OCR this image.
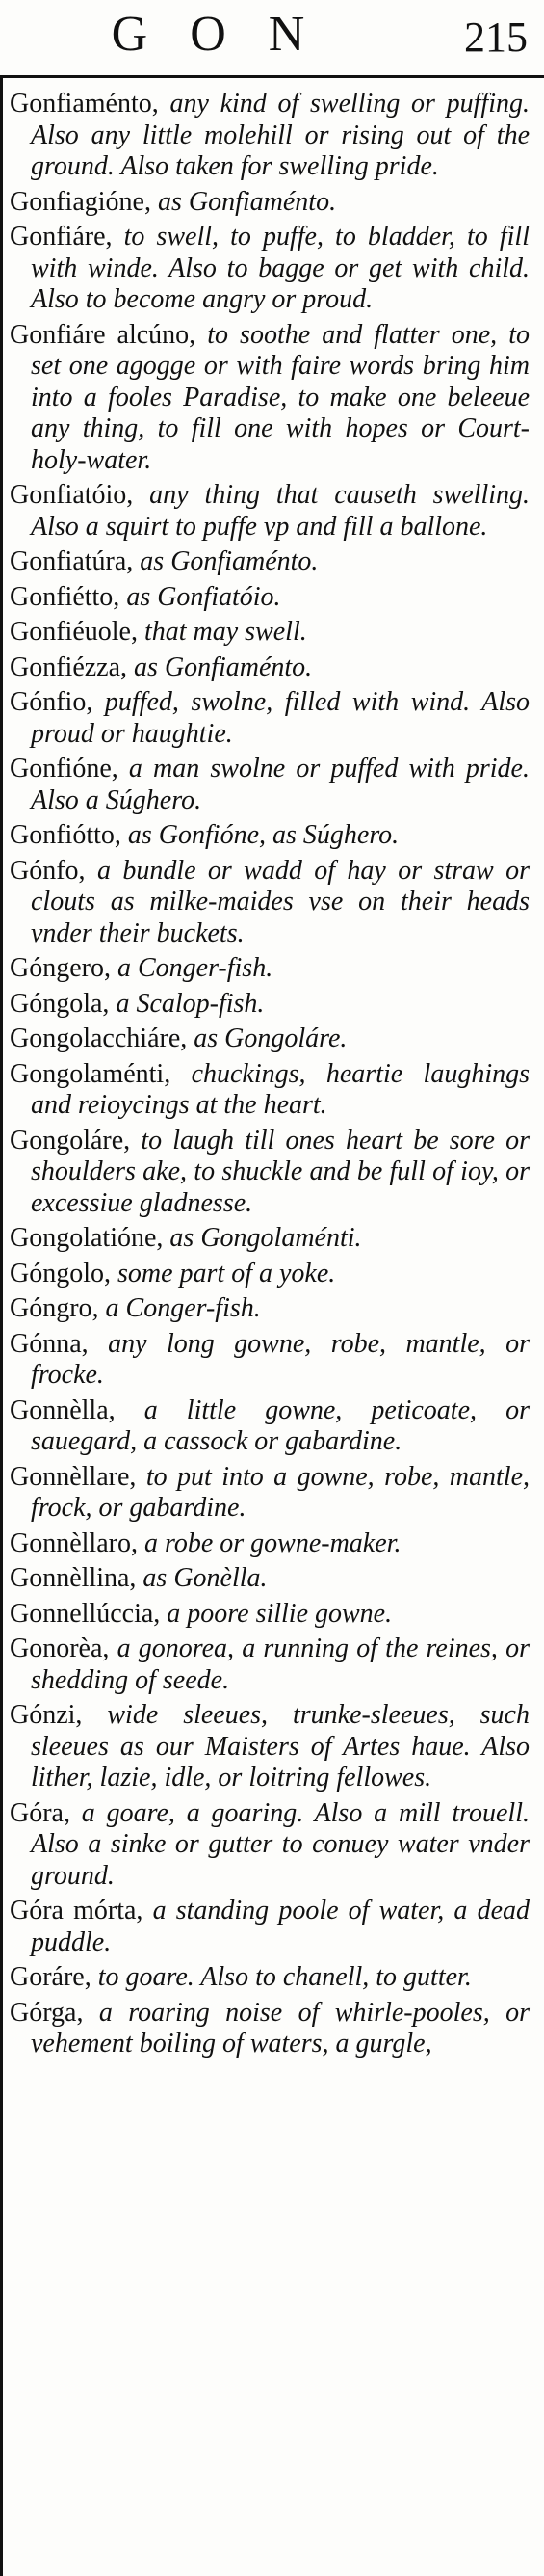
GON	215
Gonfiaménto, any kind of swelling or puffing. Also any little molehill or rising out of the ground. Also taken for swelling pride.
Gonfiagióne, as Gonfiaménto.
Gonfiáre, to swell, to puffe, to bladder, to fill with winde. Also to bagge or get with child. Also to become angry or proud.
Gonfiáre alcúno, to soothe and flatter one, to set one agogge or with faire words bring him into a fooles Paradise, to make one beleeue any thing, to fill one with hopes or Court-holy-water.
Gonfiatóio, any thing that causeth swelling. Also a squirt to puffe vp and fill a ballone.
Gonfiatúra, as Gonfiaménto.
Gonfiétto, as Gonfiatóio.
Gonfiéuole, that may swell.
Gonfiézza, as Gonfiaménto.
Gónfio, puffed, swolne, filled with wind. Also proud or haughtie.
Gonfióne, a man swolne or puffed with pride. Also a Súghero.
Gonfiótto, as Gonfióne, as Súghero.
Gónfo, a bundle or wadd of hay or straw or clouts as milke-maides vse on their heads vnder their buckets.
Góngero, a Conger-fish.
Góngola, a Scalop-fish.
Gongolacchiáre, as Gongoláre.
Gongolaménti, chuckings, heartie laughings and reioycings at the heart.
Gongoláre, to laugh till ones heart be sore or shoulders ake, to shuckle and be full of ioy, or excessiue gladnesse.
Gongolatióne, as Gongolaménti.
Góngolo, some part of a yoke.
Góngro, a Conger-fish.
Gónna, any long gowne, robe, mantle, or frocke.
Gonnèlla, a little gowne, peticoate, or sauegard, a cassock or gabardine.
Gonnèllare, to put into a gowne, robe, mantle, frock, or gabardine.
Gonnèllaro, a robe or gowne-maker.
Gonnèllina, as Gonèlla.
Gonnellúccia, a poore sillie gowne.
Gonorèa, a gonorea, a running of the reines, or shedding of seede.
Gónzi, wide sleeues, trunke-sleeues, such sleeues as our Maisters of Artes haue. Also lither, lazie, idle, or loitring fellowes.
Góra, a goare, a goaring. Also a mill trouell. Also a sinke or gutter to conuey water vnder ground.
Góra mórta, a standing poole of water, a dead puddle.
Goráre, to goare. Also to chanell, to gutter.
Górga, a roaring noise of whirle-pooles, or vehement boiling of waters, a gurgle,
